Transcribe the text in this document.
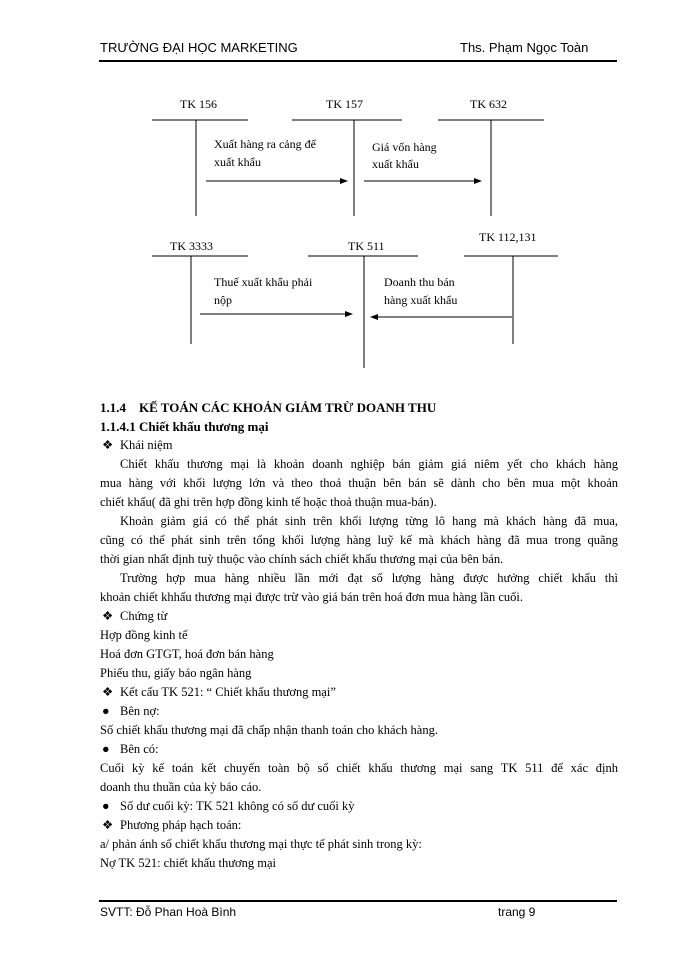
TRƯỜNG ĐẠI HỌC MARKETING	Ths. Phạm Ngọc Toàn
TK 156	TK 157	TK 632
Xuất hàng ra cảng để
xuất khẩu
Giá vốn hàng
xuất khẩu
TK 3333	TK 511
TK 112,131
Thuế xuất khẩu phải
nộp
Doanh thu bán
hàng xuất khẩu
1.1.4 KẾ TOÁN CÁC KHOẢN GIẢM TRỪ DOANH THU
1.1.4.1 Chiết khấu thương mại
❖ Khái niệm
Chiết khấu thương mại là khoản doanh nghiệp bán giảm giá niêm yết cho khách hàng
mua hàng với khối lượng lớn và theo thoả thuận bên bán sẽ dành cho bên mua một khoản
chiết khấu( đã ghi trên hợp đồng kinh tế hoặc thoả thuận mua-bán).
Khoản giảm giá có thể phát sinh trên khối lượng từng lô hang mà khách hàng đã mua,
cũng có thể phát sinh trên tổng khối lượng hàng luỹ kế mà khách hàng đã mua trong quãng
thời gian nhất định tuỳ thuộc vào chính sách chiết khấu thương mại của bên bán.
Trường hợp mua hàng nhiều lần mới đạt số lượng hàng được hưởng chiết khấu thì
khoản chiết khhấu thương mại được trừ vào giá bán trên hoá đơn mua hàng lần cuối.
❖ Chứng từ
Hợp đồng kinh tế
Hoá đơn GTGT, hoá đơn bán hàng
Phiếu thu, giấy báo ngân hàng
❖ Kết cấu TK 521: “ Chiết khấu thương mại”
● Bên nợ:
Số chiết khấu thương mại đã chấp nhận thanh toán cho khách hàng.
● Bên có:
Cuối kỳ kế toán kết chuyển toàn bộ số chiết khấu thương mại sang TK 511 để xác định
doanh thu thuần của kỳ báo cáo.
● Số dư cuối kỳ: TK 521 không có số dư cuối kỳ
❖ Phương pháp hạch toán:
a/ phản ánh số chiết khấu thương mại thực tế phát sinh trong kỳ:
Nợ TK 521: chiết khấu thương mại
SVTT: Đỗ Phan Hoà Bình	trang 9
